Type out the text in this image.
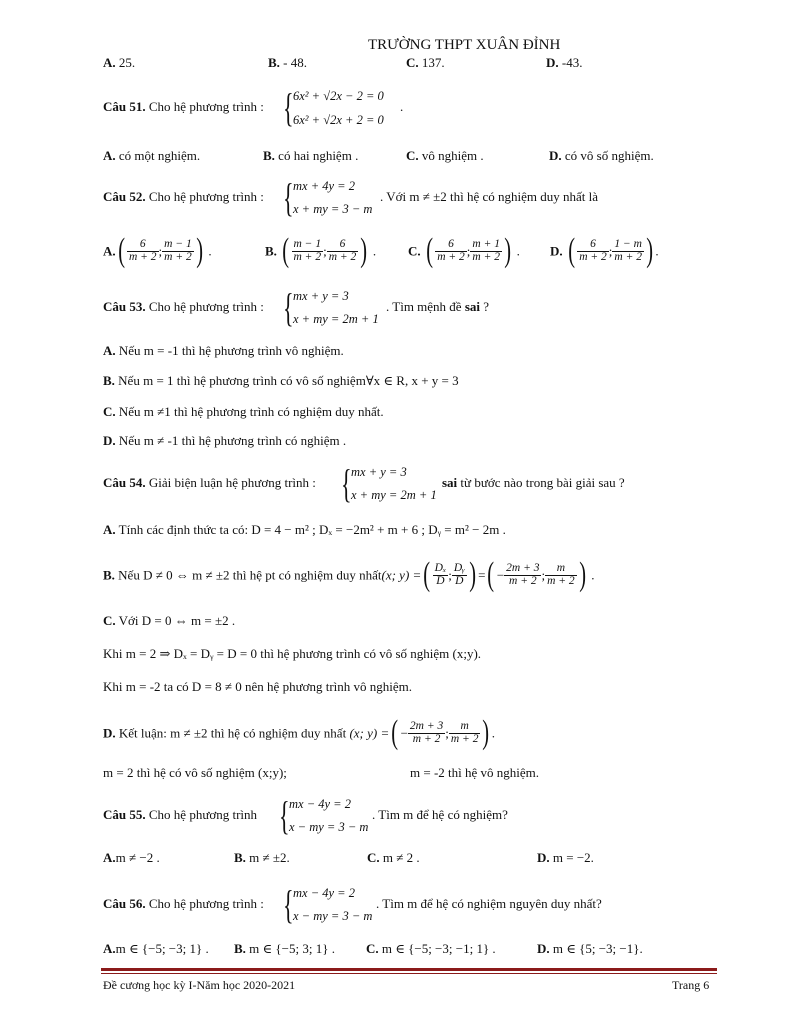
TRƯỜNG THPT XUÂN ĐỈNH
A. 25.	B. - 48.	C. 137.	D. -43.
Câu 51. Cho hệ phương trình : { 6x² + √2x − 2 = 0
6x² + √2x + 2 = 0
.
A. có một nghiệm.	B. có hai nghiệm .	C. vô nghiệm .	D. có vô số nghiệm.
Câu 52. Cho hệ phương trình : { mx + 4y = 2
x + my = 3 − m
. Với m ≠ ±2 thì hệ có nghiệm duy nhất là
$A.( \frac{6}{m + 2}$ ; $\frac{m - 1}{m + 2}$ ) .	B. ( $\frac{m - 1}{m + 2}$ ; $\frac{6}{m + 2}$ ) . C. ( $\frac{6}{m + 2}$ ; $\frac{m + 1}{m + 2}$ ) . D. ( $\frac{6}{m + 2}$ ; $\frac{1 - m}{m + 2}$ ) .
Câu 53. Cho hệ phương trình : { mx + y = 3
x + my = 2m + 1
. Tìm mệnh đề sai ?
A. Nếu m = -1 thì hệ phương trình vô nghiệm.
B. Nếu m = 1 thì hệ phương trình có vô số nghiệm∀x ∈ R, x + y = 3
C. Nếu m ≠1 thì hệ phương trình có nghiệm duy nhất.
D. Nếu m ≠ -1 thì hệ phương trình có nghiệm .
Câu 54. Giải biện luận hệ phương trình : { mx + y = 3
x + my = 2m + 1
sai từ bước nào trong bài giải sau ?
A. Tính các định thức ta có: D = 4 − m² ; Dₓ = −2m² + m + 6 ; Dᵧ = m² − 2m .
B. Nếu D ≠ 0 ⇔ m ≠ ±2 thì hệ pt có nghiệm duy nhất(x; y) =( $\frac{\text{Dₓ}}{D}$ ; $\frac{\text{Dᵧ}}{D}$ ) =( − $\frac{2m + 3}{m + 2}$ ; $\frac{m}{m + 2}$ ) .
C. Với D = 0 ⇔ m = ±2 .
Khi m = 2 ⇒ Dₓ = Dᵧ = D = 0 thì hệ phương trình có vô số nghiệm (x;y).
Khi m = -2 ta có D = 8 ≠ 0 nên hệ phương trình vô nghiệm.
D. Kết luận: m ≠ ±2 thì hệ có nghiệm duy nhất (x; y) =( − $\frac{2m + 3}{m + 2}$ ; $\frac{m}{m + 2}$ ) .
m = 2 thì hệ có vô số nghiệm (x;y);	m = -2 thì hệ vô nghiệm.
Câu 55. Cho hệ phương trình { mx − 4y = 2
x − my = 3 − m
. Tìm m để hệ có nghiệm?
A.m ≠ −2 .	B. m ≠ ±2.	C. m ≠ 2 .	D. m = −2.
Câu 56. Cho hệ phương trình : { mx − 4y = 2
x − my = 3 − m
. Tìm m để hệ có nghiệm nguyên duy nhất?
A.m ∈ {−5; −3; 1} . B. m ∈ {−5; 3; 1} . C. m ∈ {−5; −3; −1; 1} .	D. m ∈ {5; −3; −1}.
Đề cương học kỳ I-Năm học 2020-2021	Trang 6
